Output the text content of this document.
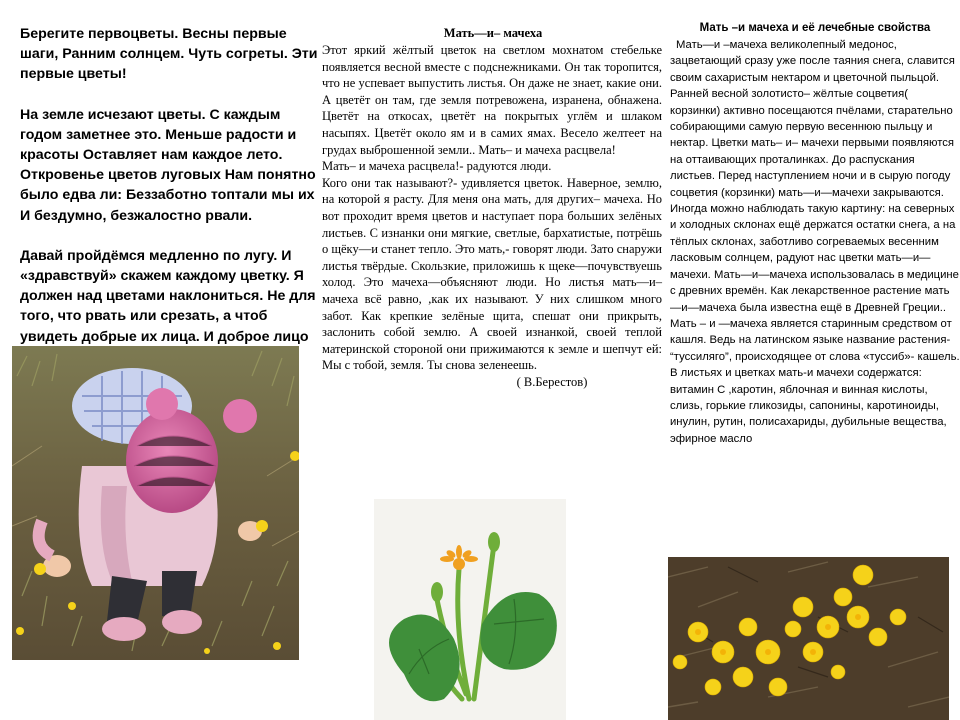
Берегите первоцветы. Весны первые шаги, Ранним солнцем. Чуть согреты. Эти первые цветы!

На земле исчезают цветы. С каждым годом заметнее это. Меньше радости и красоты Оставляет нам каждое лето. Откровенье цветов луговых Нам понятно было едва ли: Беззаботно топтали мы их И бездумно, безжалостно рвали.

Давай пройдёмся медленно по лугу. И «здравствуй» скажем каждому цветку. Я должен над цветами наклониться. Не для того, что рвать или срезать, а чтоб увидеть добрые их лица. И доброе лицо

Мать—и– мачеха

Этот яркий жёлтый цветок на светлом мохнатом стебельке появляется весной вместе с подснежниками. Он так торопится, что не успевает выпустить листья. Он даже не знает, какие они. А цветёт он там, где земля потревожена, изранена, обнажена. Цветёт на откосах, цветёт на покрытых углём и шлаком насыпях. Цветёт около ям и в самих ямах. Весело желтеет на грудах выброшенной земли.. Мать– и мачеха расцвела!

Мать– и мачеха расцвела!- радуются люди.

Кого они так называют?- удивляется цветок. Наверное, землю, на которой я расту. Для меня она мать, для других– мачеха. Но вот проходит время цветов и наступает пора больших зелёных листьев. С изнанки они мягкие, светлые, бархатистые, потрёшь о щёку—и станет тепло. Это мать,- говорят люди. Зато снаружи листья твёрдые. Скользкие, приложишь к щеке—почувствуешь холод. Это мачеха—объясняют люди. Но листья мать—и– мачеха всё равно, ,как их называют. У них слишком много забот. Как крепкие зелёные щита, спешат они прикрыть, заслонить собой землю. А своей изнанкой, своей теплой материнской стороной они прижимаются к земле и шепчут ей: Мы с тобой, земля. Ты снова зеленеешь.

( В.Берестов)

Мать –и мачеха и её лечебные свойства

Мать—и –мачеха великолепный медонос, зацветающий сразу уже после таяния снега, славится своим сахаристым нектаром и цветочной пыльцой. Ранней весной золотисто– жёлтые соцветия( корзинки) активно посещаются пчёлами, старательно собирающими самую первую весеннюю пыльцу и нектар. Цветки мать– и– мачехи первыми появляются на оттаивающих проталинках. До распускания листьев. Перед наступлением ночи и в сырую погоду соцветия (корзинки) мать—и—мачехи закрываются. Иногда можно наблюдать такую картину: на северных и холодных склонах ещё держатся остатки снега, а на тёплых склонах, заботливо согреваемых весенним ласковым солнцем, радуют нас цветки мать—и—мачехи. Мать—и—мачеха использовалась в медицине с древних времён. Как лекарственное растение мать—и—мачеха была известна ещё в Древней Греции.. Мать – и —мачеха является старинным средством от кашля. Ведь на латинском языке название растения- “туссиляго”, происходящее от слова «туссиб»- кашель. В листьях и цветках мать-и мачехи содержатся: витамин С ,каротин, яблочная и винная кислоты, слизь, горькие гликозиды, сапонины, каротиноиды, инулин, рутин, полисахариды, дубильные вещества, эфирное масло
